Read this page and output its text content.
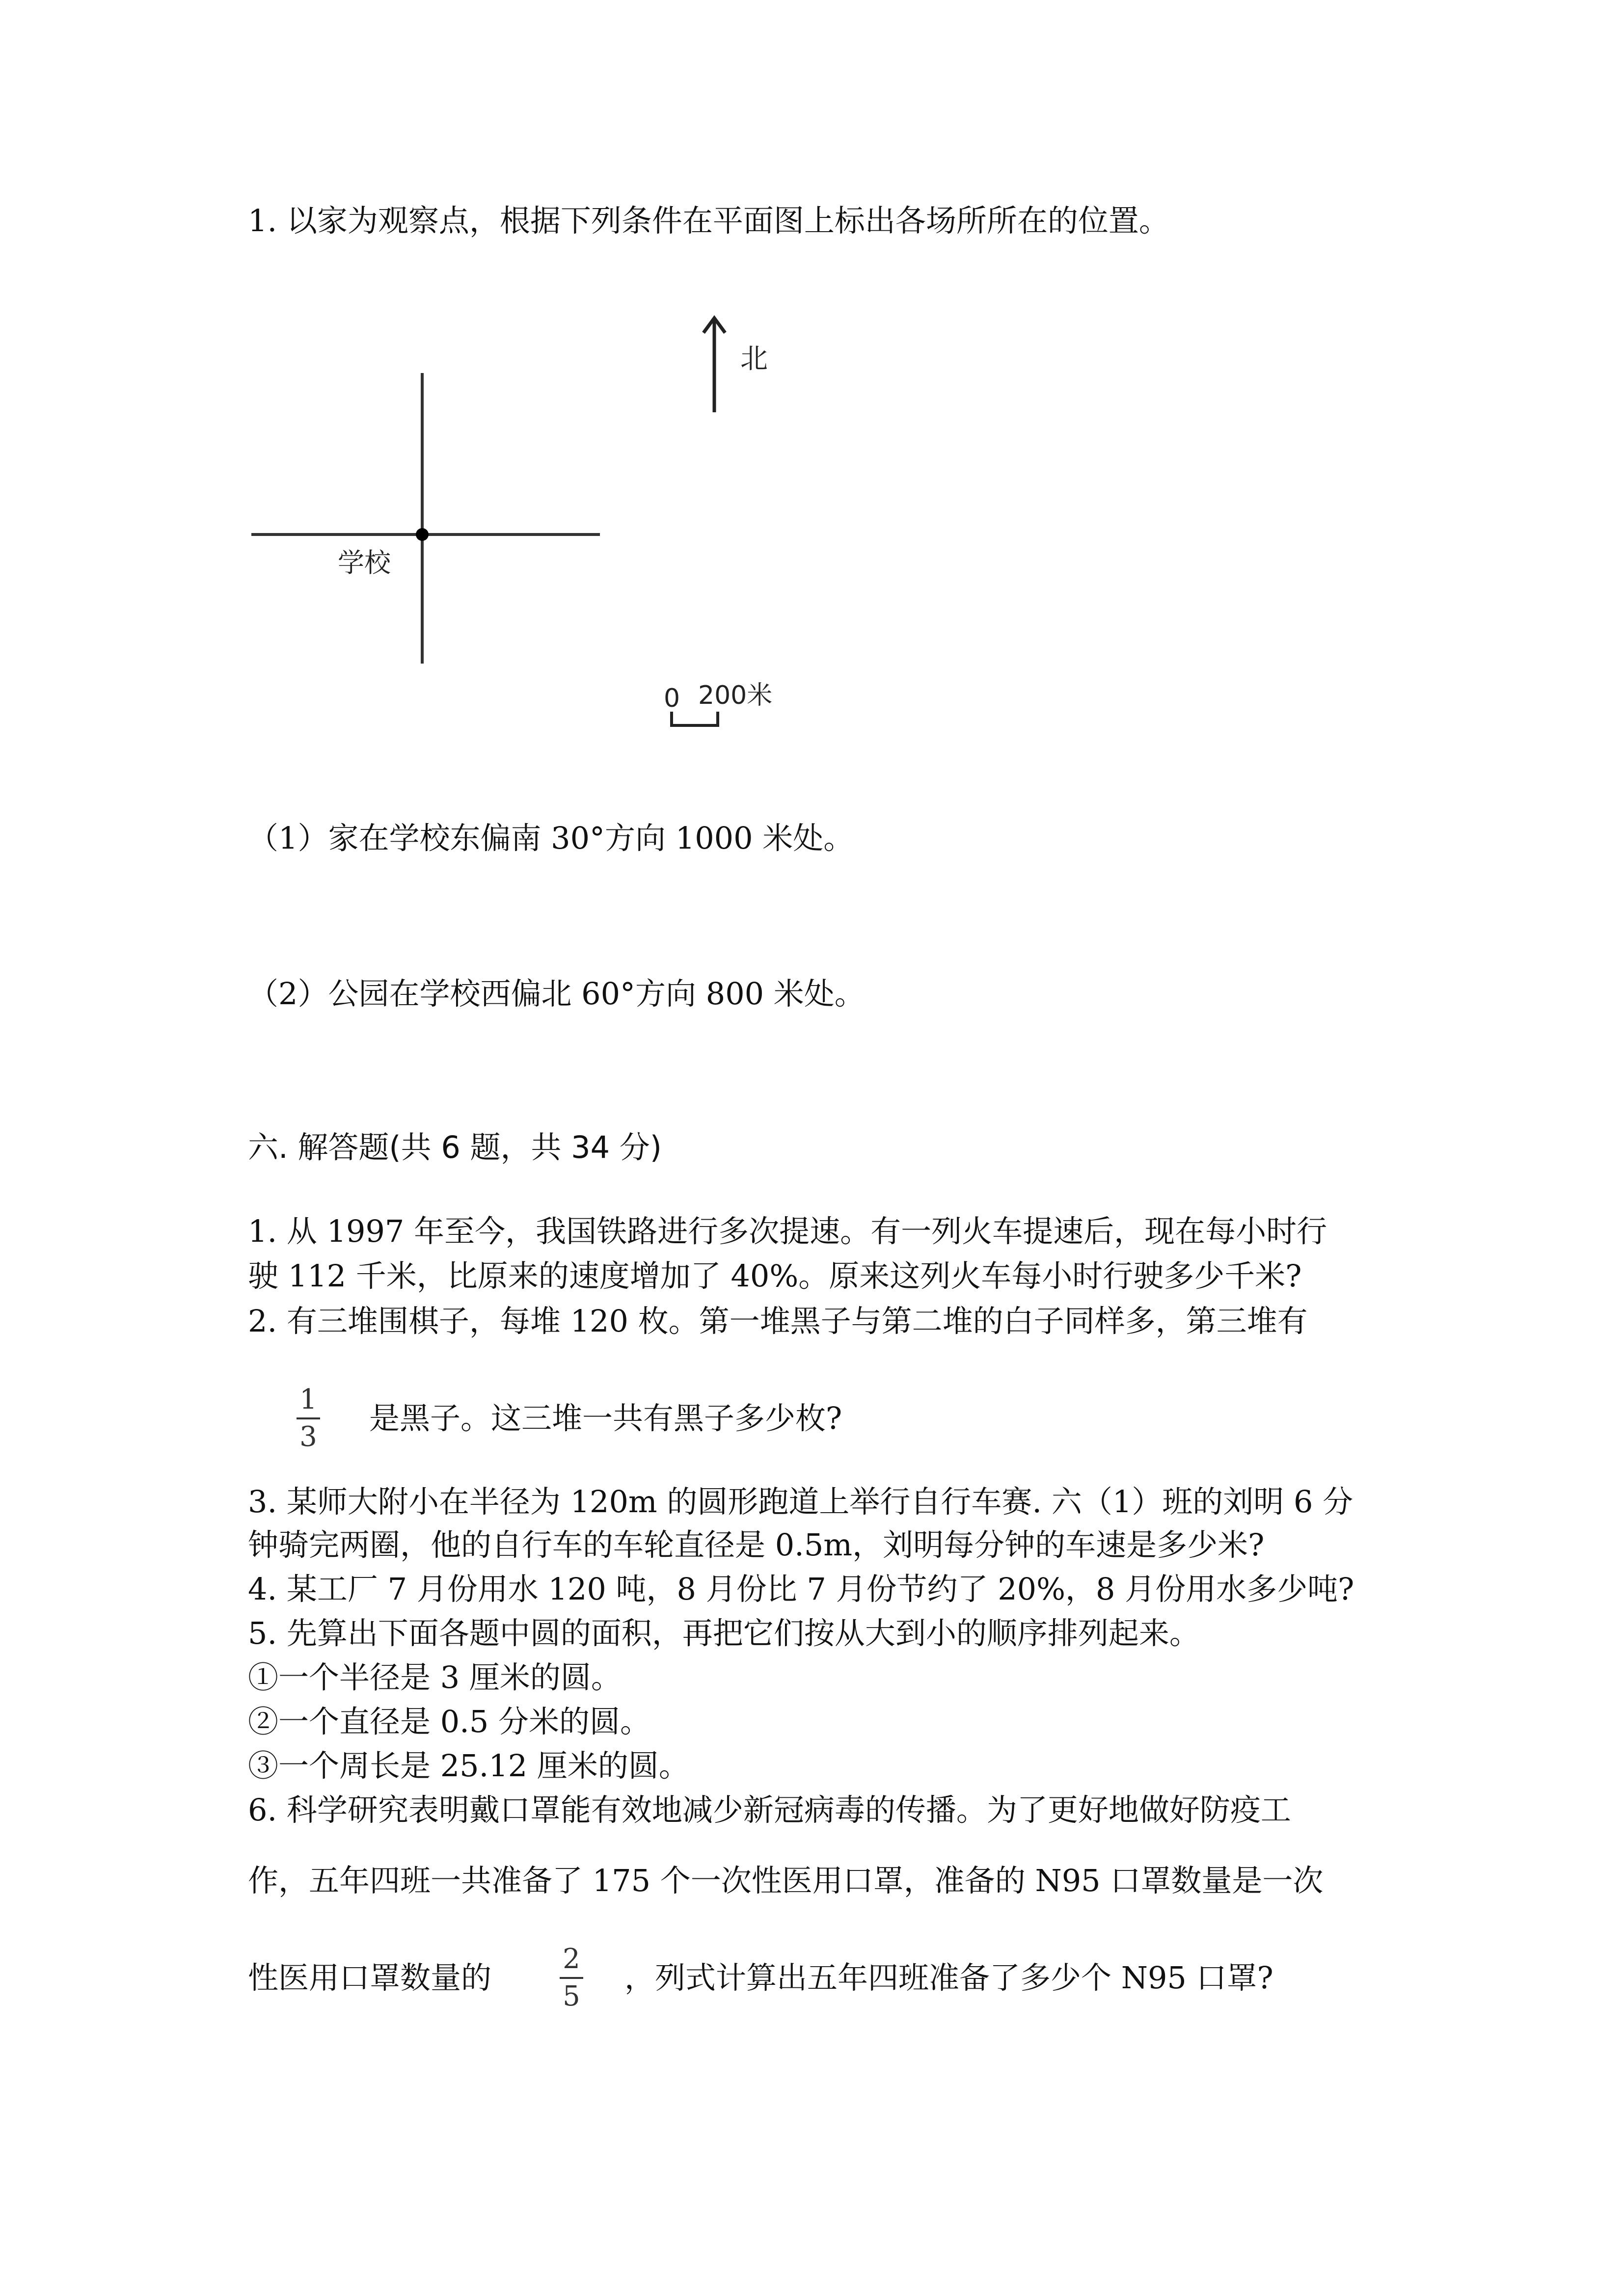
1. 以家为观察点，根据下列条件在平面图上标出各场所所在的位置。
北
学校
0 200米
（1）家在学校东偏南 30°方向 1000 米处。
（2）公园在学校西偏北 60°方向 800 米处。
六. 解答题(共 6 题，共 34 分)
1. 从 1997 年至今，我国铁路进行多次提速。有一列火车提速后，现在每小时行
驶 112 千米，比原来的速度增加了 40%。原来这列火车每小时行驶多少千米?
2. 有三堆围棋子，每堆 120 枚。第一堆黑子与第二堆的白子同样多，第三堆有
1
3
是黑子。这三堆一共有黑子多少枚?
3. 某师大附小在半径为 120m 的圆形跑道上举行自行车赛. 六（1）班的刘明 6 分
钟骑完两圈，他的自行车的车轮直径是 0.5m，刘明每分钟的车速是多少米?
4. 某工厂 7 月份用水 120 吨，8 月份比 7 月份节约了 20%，8 月份用水多少吨?
5. 先算出下面各题中圆的面积，再把它们按从大到小的顺序排列起来。
①一个半径是 3 厘米的圆。
②一个直径是 0.5 分米的圆。
③一个周长是 25.12 厘米的圆。
6. 科学研究表明戴口罩能有效地减少新冠病毒的传播。为了更好地做好防疫工
作，五年四班一共准备了 175 个一次性医用口罩，准备的 N95 口罩数量是一次
性医用口罩数量的
2
5
，列式计算出五年四班准备了多少个 N95 口罩?
